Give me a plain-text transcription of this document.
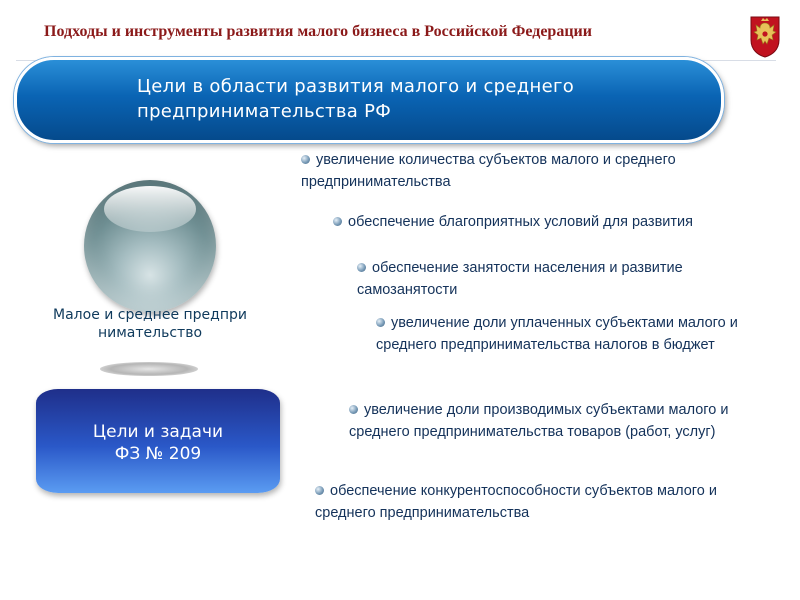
Подходы и инструменты развития малого бизнеса в Российской Федерации
Цели в области развития малого и среднего предпринимательства РФ
Малое и среднее предпринимательство
Цели и задачи
ФЗ № 209
увеличение количества субъектов малого и среднего предпринимательства
обеспечение благоприятных условий для развития
обеспечение занятости населения и развитие самозанятости
увеличение доли уплаченных субъектами малого и среднего предпринимательства налогов в бюджет
увеличение доли производимых субъектами малого и среднего предпринимательства товаров (работ, услуг)
обеспечение конкурентоспособности субъектов малого и среднего предпринимательства
